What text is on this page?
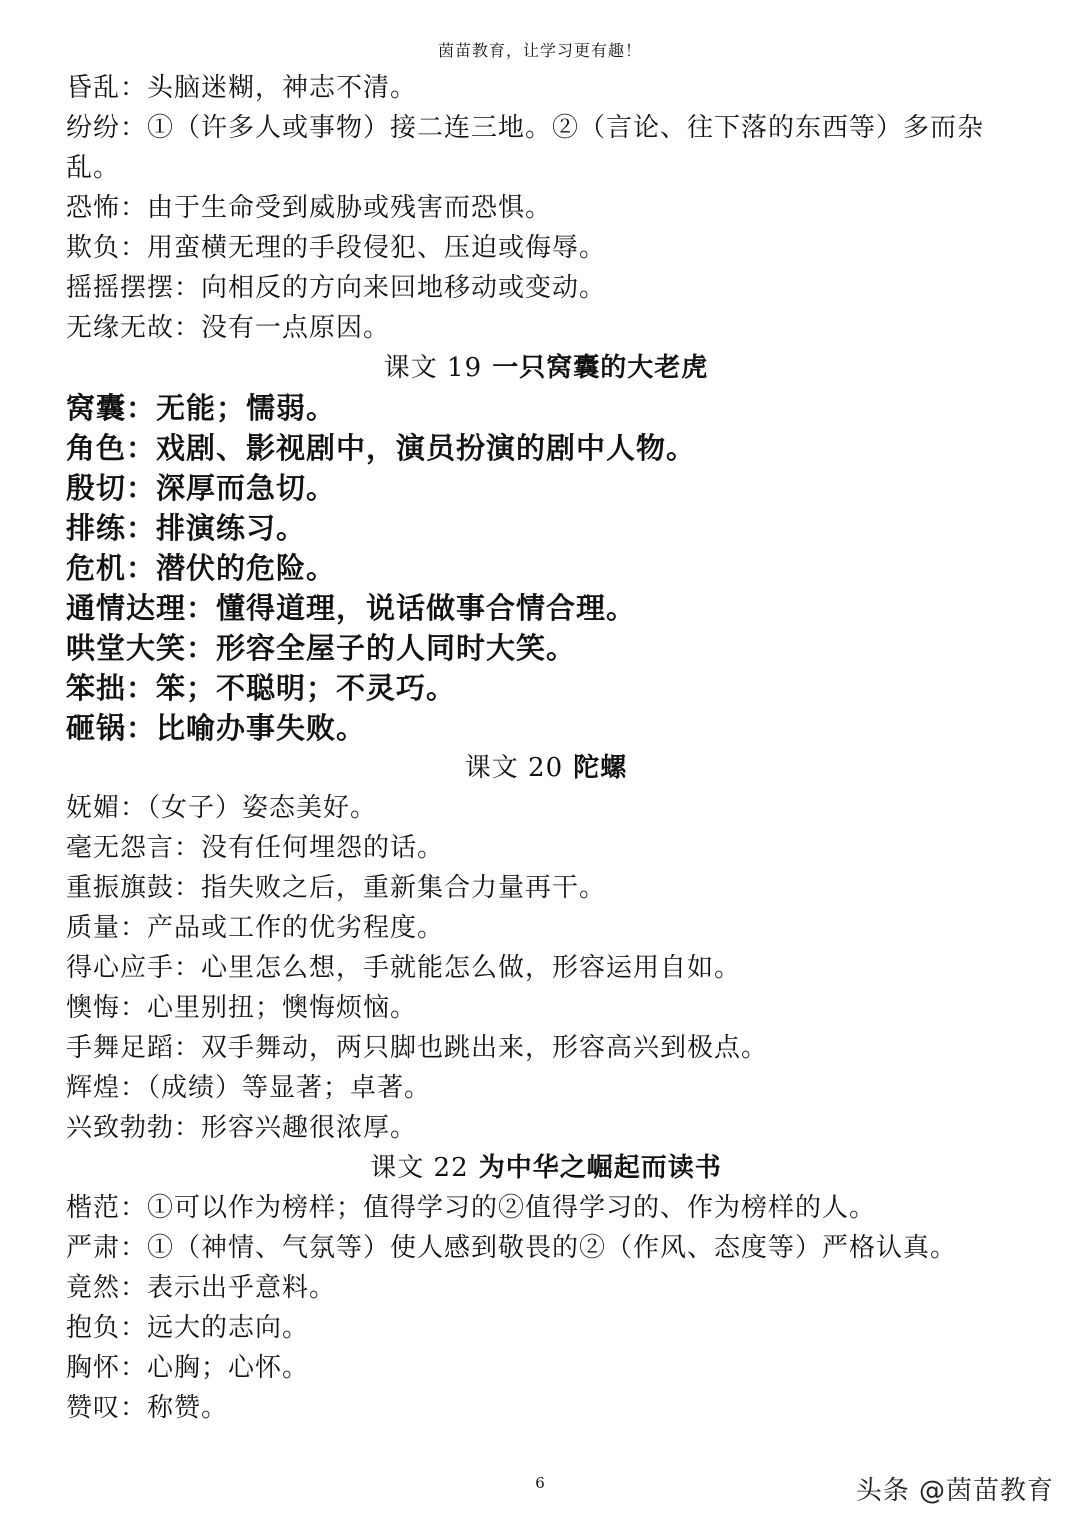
茵苗教育，让学习更有趣！
昏乱：头脑迷糊，神志不清。
纷纷：①（许多人或事物）接二连三地。②（言论、往下落的东西等）多而杂乱。
恐怖：由于生命受到威胁或残害而恐惧。
欺负：用蛮横无理的手段侵犯、压迫或侮辱。
摇摇摆摆：向相反的方向来回地移动或变动。
无缘无故：没有一点原因。
课文 19 一只窝囊的大老虎
窝囊：无能；懦弱。
角色：戏剧、影视剧中，演员扮演的剧中人物。
殷切：深厚而急切。
排练：排演练习。
危机：潜伏的危险。
通情达理：懂得道理，说话做事合情合理。
哄堂大笑：形容全屋子的人同时大笑。
笨拙：笨；不聪明；不灵巧。
砸锅：比喻办事失败。
课文 20 陀螺
妩媚：（女子）姿态美好。
毫无怨言：没有任何埋怨的话。
重振旗鼓：指失败之后，重新集合力量再干。
质量：产品或工作的优劣程度。
得心应手：心里怎么想，手就能怎么做，形容运用自如。
懊悔：心里别扭；懊悔烦恼。
手舞足蹈：双手舞动，两只脚也跳出来，形容高兴到极点。
辉煌：（成绩）等显著；卓著。
兴致勃勃：形容兴趣很浓厚。
课文 22 为中华之崛起而读书
楷范：①可以作为榜样；值得学习的②值得学习的、作为榜样的人。
严肃：①（神情、气氛等）使人感到敬畏的②（作风、态度等）严格认真。
竟然：表示出乎意料。
抱负：远大的志向。
胸怀：心胸；心怀。
赞叹：称赞。
6	头条 @茵苗教育
